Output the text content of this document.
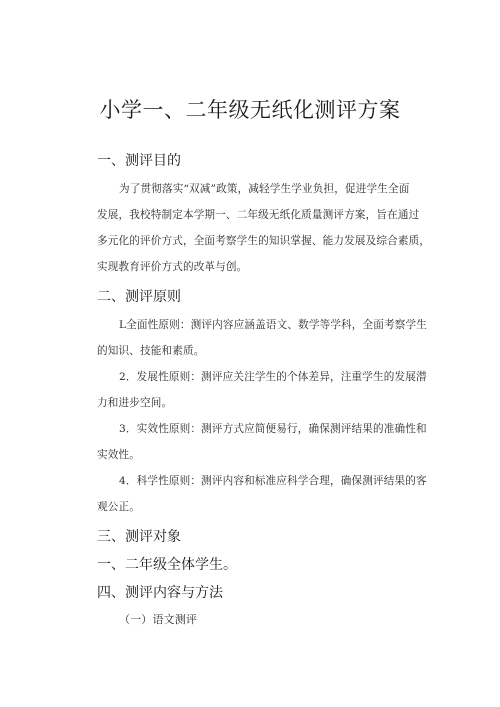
小学一、二年级无纸化测评方案
一、测评目的
为了贯彻落实“双减”政策，减轻学生学业负担，促进学生全面
发展，我校特制定本学期一、二年级无纸化质量测评方案，旨在通过
多元化的评价方式，全面考察学生的知识掌握、能力发展及综合素质，
实现教育评价方式的改革与创。
二、测评原则
L全面性原则：测评内容应涵盖语文、数学等学科，全面考察学生
的知识、技能和素质。
2．发展性原则：测评应关注学生的个体差异，注重学生的发展潜
力和进步空间。
3．实效性原则：测评方式应简便易行，确保测评结果的准确性和
实效性。
4．科学性原则：测评内容和标准应科学合理，确保测评结果的客
观公正。
三、测评对象
一、二年级全体学生。
四、测评内容与方法
（一）语文测评
